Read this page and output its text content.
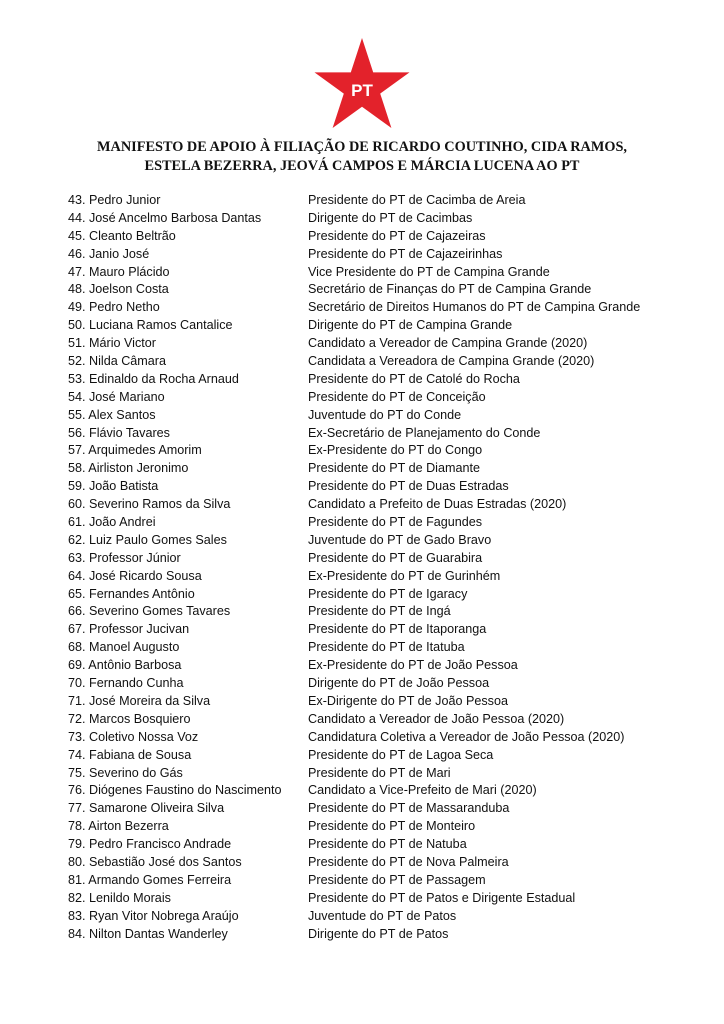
PT
MANIFESTO DE APOIO À FILIAÇÃO DE RICARDO COUTINHO, CIDA RAMOS,
ESTELA BEZERRA, JEOVÁ CAMPOS E MÁRCIA LUCENA AO PT
43. Pedro Junior	Presidente do PT de Cacimba de Areia
44. José Ancelmo Barbosa Dantas	Dirigente do PT de Cacimbas
45. Cleanto Beltrão	Presidente do PT de Cajazeiras
46. Janio José	Presidente do PT de Cajazeirinhas
47. Mauro Plácido	Vice Presidente do PT de Campina Grande
48. Joelson Costa	Secretário de Finanças do PT de Campina Grande
49. Pedro Netho	Secretário de Direitos Humanos do PT de Campina Grande
50. Luciana Ramos Cantalice	Dirigente do PT de Campina Grande
51. Mário Victor	Candidato a Vereador de Campina Grande (2020)
52. Nilda Câmara	Candidata a Vereadora de Campina Grande (2020)
53. Edinaldo da Rocha Arnaud	Presidente do PT de Catolé do Rocha
54. José Mariano	Presidente do PT de Conceição
55. Alex Santos	Juventude do PT do Conde
56. Flávio Tavares	Ex-Secretário de Planejamento do Conde
57. Arquimedes Amorim	Ex-Presidente do PT do Congo
58. Airliston Jeronimo	Presidente do PT de Diamante
59. João Batista	Presidente do PT de Duas Estradas
60. Severino Ramos da Silva	Candidato a Prefeito de Duas Estradas (2020)
61. João Andrei	Presidente do PT de Fagundes
62. Luiz Paulo Gomes Sales	Juventude do PT de Gado Bravo
63. Professor Júnior	Presidente do PT de Guarabira
64. José Ricardo Sousa	Ex-Presidente do PT de Gurinhém
65. Fernandes Antônio	Presidente do PT de Igaracy
66. Severino Gomes Tavares	Presidente do PT de Ingá
67. Professor Jucivan	Presidente do PT de Itaporanga
68. Manoel Augusto	Presidente do PT de Itatuba
69. Antônio Barbosa	Ex-Presidente do PT de João Pessoa
70. Fernando Cunha	Dirigente do PT de João Pessoa
71. José Moreira da Silva	Ex-Dirigente do PT de João Pessoa
72. Marcos Bosquiero	Candidato a Vereador de João Pessoa (2020)
73. Coletivo Nossa Voz	Candidatura Coletiva a Vereador de João Pessoa (2020)
74. Fabiana de Sousa	Presidente do PT de Lagoa Seca
75. Severino do Gás	Presidente do PT de Mari
76. Diógenes Faustino do Nascimento	Candidato a Vice-Prefeito de Mari (2020)
77. Samarone Oliveira Silva	Presidente do PT de Massaranduba
78. Airton Bezerra	Presidente do PT de Monteiro
79. Pedro Francisco Andrade	Presidente do PT de Natuba
80. Sebastião José dos Santos	Presidente do PT de Nova Palmeira
81. Armando Gomes Ferreira	Presidente do PT de Passagem
82. Lenildo Morais	Presidente do PT de Patos e Dirigente Estadual
83. Ryan Vitor Nobrega Araújo	Juventude do PT de Patos
84. Nilton Dantas Wanderley	Dirigente do PT de Patos
